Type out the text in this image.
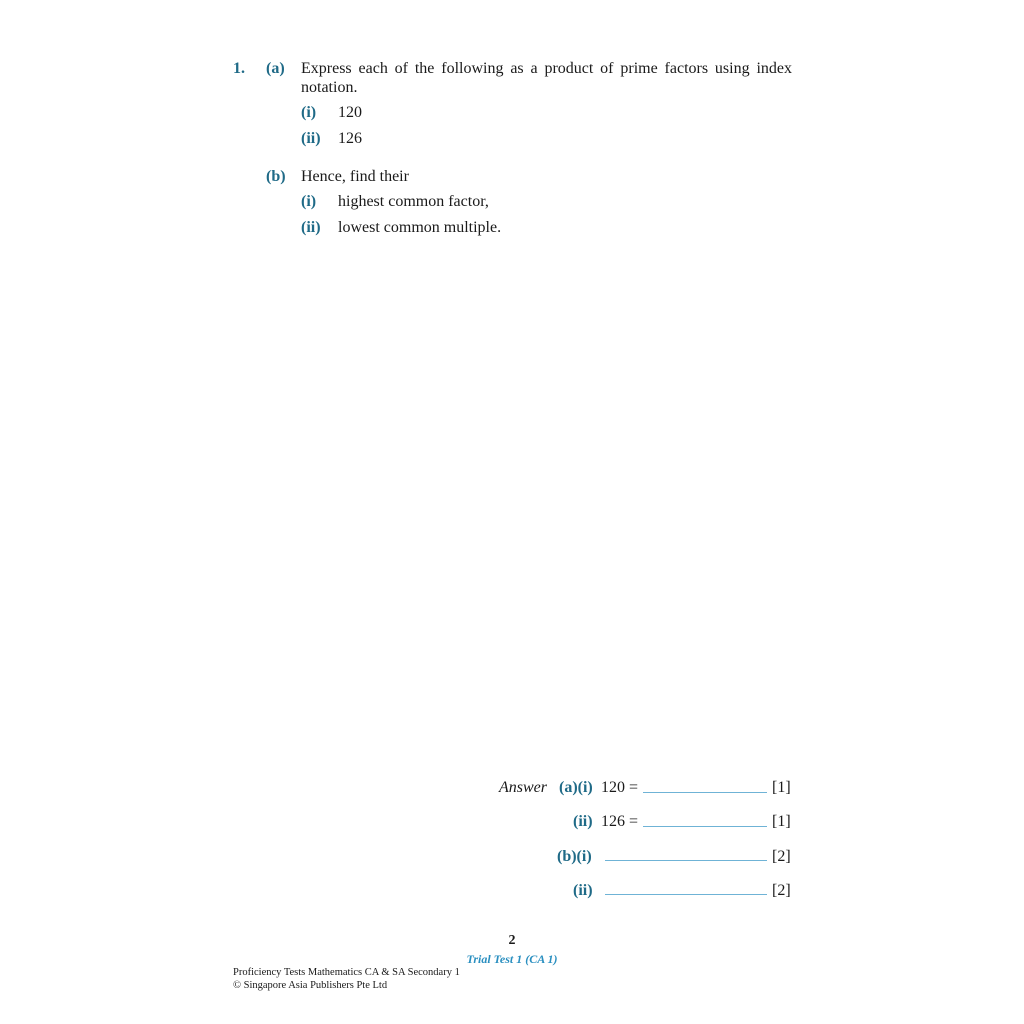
1. (a) Express each of the following as a product of prime factors using index
notation.
(i) 120
(ii) 126
(b) Hence, find their
(i) highest common factor,
(ii) lowest common multiple.
Answer (a)(i) 120 =	[1]
(ii) 126 =	[1]
(b)(i)	[2]
(ii)	[2]
2
Trial Test 1 (CA 1)
Proficiency Tests Mathematics CA & SA Secondary 1
© Singapore Asia Publishers Pte Ltd
